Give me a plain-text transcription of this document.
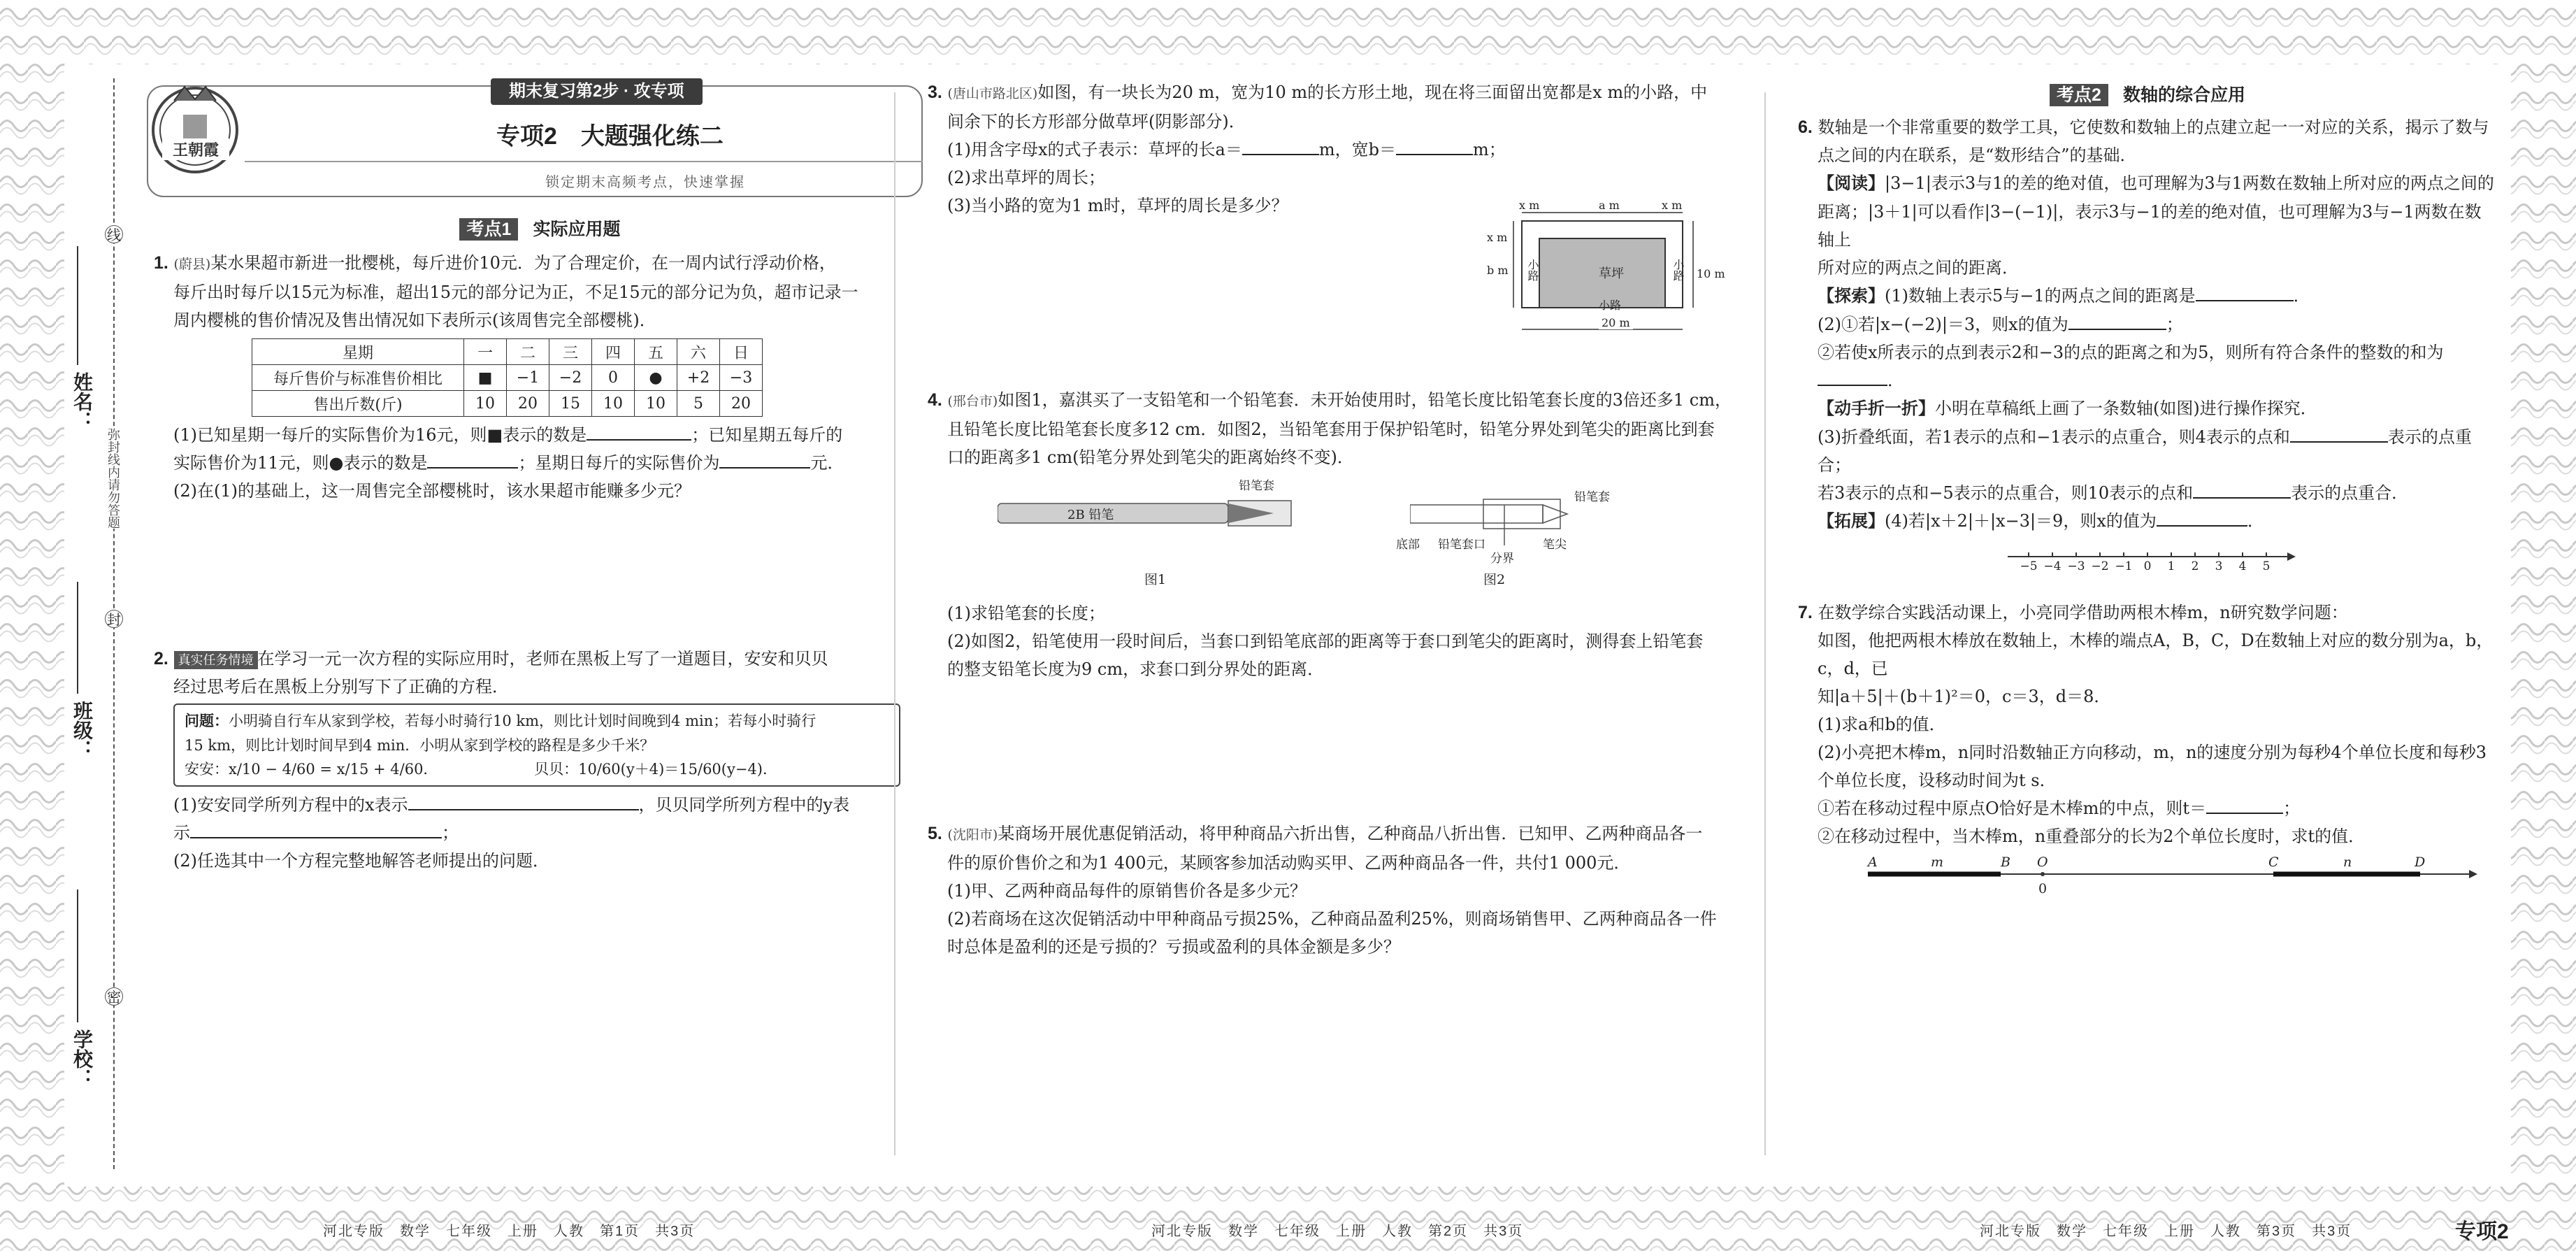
姓名：
班级：
学校：
弥封线内请勿答题
线
封
密
王朝霞
期末复习第2步 · 攻专项
专项2　大题强化练二
锁定期末高频考点，快速掌握
考点1 实际应用题

1. (蔚县)某水果超市新进一批樱桃，每斤进价10元．为了合理定价，在一周内试行浮动价格，

每斤出时每斤以15元为标准，超出15元的部分记为正，不足15元的部分记为负，超市记录一

周内樱桃的售价情况及售出情况如下表所示(该周售完全部樱桃)．

星期	一	二	三	四	五	六	日
每斤售价与标准售价相比	■	−1	−2	0	●	+2	−3
售出斤数(斤)	10	20	15	10	10	5	20

(1)已知星期一每斤的实际售价为16元，则■表示的数是	；已知星期五每斤的

实际售价为11元，则●表示的数是	；星期日每斤的实际售价为	元．

(2)在(1)的基础上，这一周售完全部樱桃时，该水果超市能赚多少元？

2. 真实任务情境 在学习一元一次方程的实际应用时，老师在黑板上写了一道题目，安安和贝贝

经过思考后在黑板上分别写下了正确的方程．

问题：小明骑自行车从家到学校，若每小时骑行10 km，则比计划时间晚到4 min；若每小时骑行
15 km，则比计划时间早到4 min．小明从家到学校的路程是多少千米？
安安：x/10 − 4/60 = x/15 + 4/60．	贝贝：10/60(y＋4)＝15/60(y−4)．

(1)安安同学所列方程中的x表示	，贝贝同学所列方程中的y表

示	；

(2)任选其中一个方程完整地解答老师提出的问题．

河北专版　数学　七年级　上册　人教　第1页　共3页

3. (唐山市路北区)如图，有一块长为20 m，宽为10 m的长方形土地，现在将三面留出宽都是x m的小路，中

间余下的长方形部分做草坪(阴影部分)．

(1)用含字母x的式子表示：草坪的长a＝	m，宽b＝	m；

(2)求出草坪的周长；

(3)当小路的宽为1 m时，草坪的周长是多少？	x m	a m	x m
b m
x m
10 m
草坪
小路	小路
小路
20 m

4. (邢台市)如图1，嘉淇买了一支铅笔和一个铅笔套．未开始使用时，铅笔长度比铅笔套长度的3倍还多1 cm，

且铅笔长度比铅笔套长度多12 cm．如图2，当铅笔套用于保护铅笔时，铅笔分界处到笔尖的距离比到套

口的距离多1 cm(铅笔分界处到笔尖的距离始终不变)．

2B 铅笔
铅笔套
图1
铅笔套
底部 铅笔套口
分界
笔尖
图2

(1)求铅笔套的长度；

(2)如图2，铅笔使用一段时间后，当套口到铅笔底部的距离等于套口到笔尖的距离时，测得套上铅笔套

的整支铅笔长度为9 cm，求套口到分界处的距离．

5. (沈阳市)某商场开展优惠促销活动，将甲种商品六折出售，乙种商品八折出售．已知甲、乙两种商品各一

件的原价售价之和为1 400元，某顾客参加活动购买甲、乙两种商品各一件，共付1 000元．

(1)甲、乙两种商品每件的原销售价各是多少元？

(2)若商场在这次促销活动中甲种商品亏损25%，乙种商品盈利25%，则商场销售甲、乙两种商品各一件

时总体是盈利的还是亏损的？亏损或盈利的具体金额是多少？

河北专版　数学　七年级　上册　人教　第2页　共3页
考点2 数轴的综合应用

6. 数轴是一个非常重要的数学工具，它使数和数轴上的点建立起一一对应的关系，揭示了数与

点之间的内在联系，是“数形结合”的基础．

【阅读】|3−1|表示3与1的差的绝对值，也可理解为3与1两数在数轴上所对应的两点之间的

距离；|3＋1|可以看作|3−(−1)|，表示3与−1的差的绝对值，也可理解为3与−1两数在数轴上

所对应的两点之间的距离．

【探索】(1)数轴上表示5与−1的两点之间的距离是	．

(2)①若|x−(−2)|＝3，则x的值为	；

②若使x所表示的点到表示2和−3的点的距离之和为5，则所有符合条件的整数的和为

．

【动手折一折】小明在草稿纸上画了一条数轴(如图)进行操作探究．

(3)折叠纸面，若1表示的点和−1表示的点重合，则4表示的点和	表示的点重合；

若3表示的点和−5表示的点重合，则10表示的点和	表示的点重合．

【拓展】(4)若|x＋2|＋|x−3|＝9，则x的值为	．

−5 −4 −3 −2 −1 0	1	2	3	4	5

7. 在数学综合实践活动课上，小亮同学借助两根木棒m，n研究数学问题：

如图，他把两根木棒放在数轴上，木棒的端点A，B，C，D在数轴上对应的数分别为a，b，c，d，已

知|a＋5|＋(b＋1)²＝0，c＝3，d＝8．

(1)求a和b的值．

(2)小亮把木棒m，n同时沿数轴正方向移动，m，n的速度分别为每秒4个单位长度和每秒3

个单位长度，设移动时间为t s．

①若在移动过程中原点O恰好是木棒m的中点，则t＝	；

②在移动过程中，当木棒m，n重叠部分的长为2个单位长度时，求t的值．

A	m	B O
0
C	n	D
河北专版　数学　七年级　上册　人教　第3页　共3页	专项2
